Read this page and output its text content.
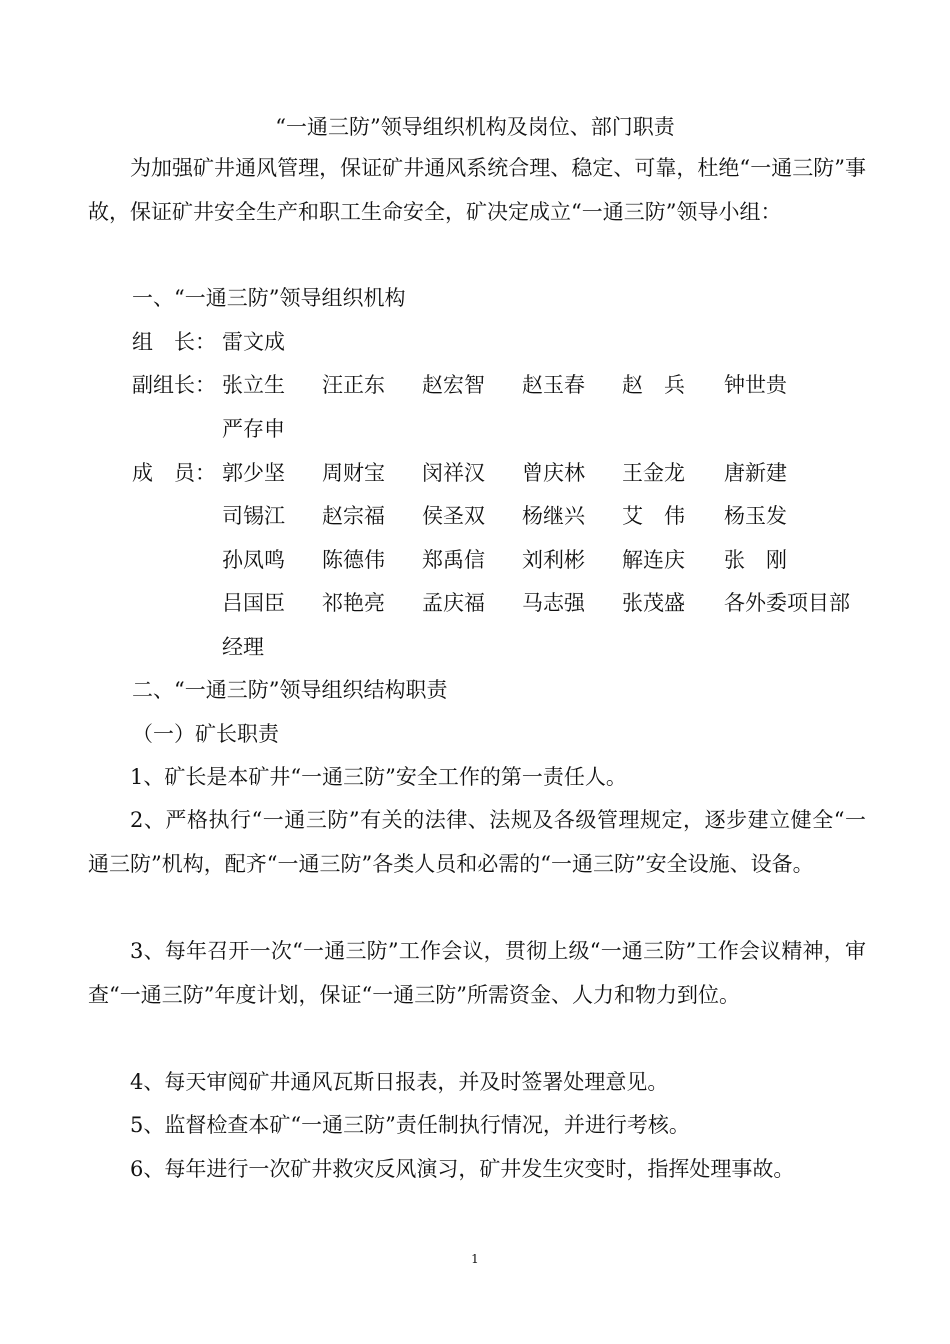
“一通三防”领导组织机构及岗位、部门职责
为加强矿井通风管理，保证矿井通风系统合理、稳定、可靠，杜绝“一通三防”事故，保证矿井安全生产和职工生命安全，矿决定成立“一通三防”领导小组：
一、“一通三防”领导组织机构
组　长： 雷文成
副组长： 张立生 汪正东 赵宏智 赵玉春 赵　兵 钟世贵
严存申
成　员： 郭少坚 周财宝 闵祥汉 曾庆林 王金龙 唐新建
司锡江 赵宗福 侯圣双 杨继兴 艾　伟 杨玉发
孙凤鸣 陈德伟 郑禹信 刘利彬 解连庆 张　刚
吕国臣 祁艳亮 孟庆福 马志强 张茂盛 各外委项目部
经理
二、“一通三防”领导组织结构职责
（一）矿长职责
1、矿长是本矿井“一通三防”安全工作的第一责任人。
2、严格执行“一通三防”有关的法律、法规及各级管理规定，逐步建立健全“一通三防”机构，配齐“一通三防”各类人员和必需的“一通三防”安全设施、设备。
3、每年召开一次“一通三防”工作会议，贯彻上级“一通三防”工作会议精神，审查“一通三防”年度计划，保证“一通三防”所需资金、人力和物力到位。
4、每天审阅矿井通风瓦斯日报表，并及时签署处理意见。
5、监督检查本矿“一通三防”责任制执行情况，并进行考核。
6、每年进行一次矿井救灾反风演习，矿井发生灾变时，指挥处理事故。
1
